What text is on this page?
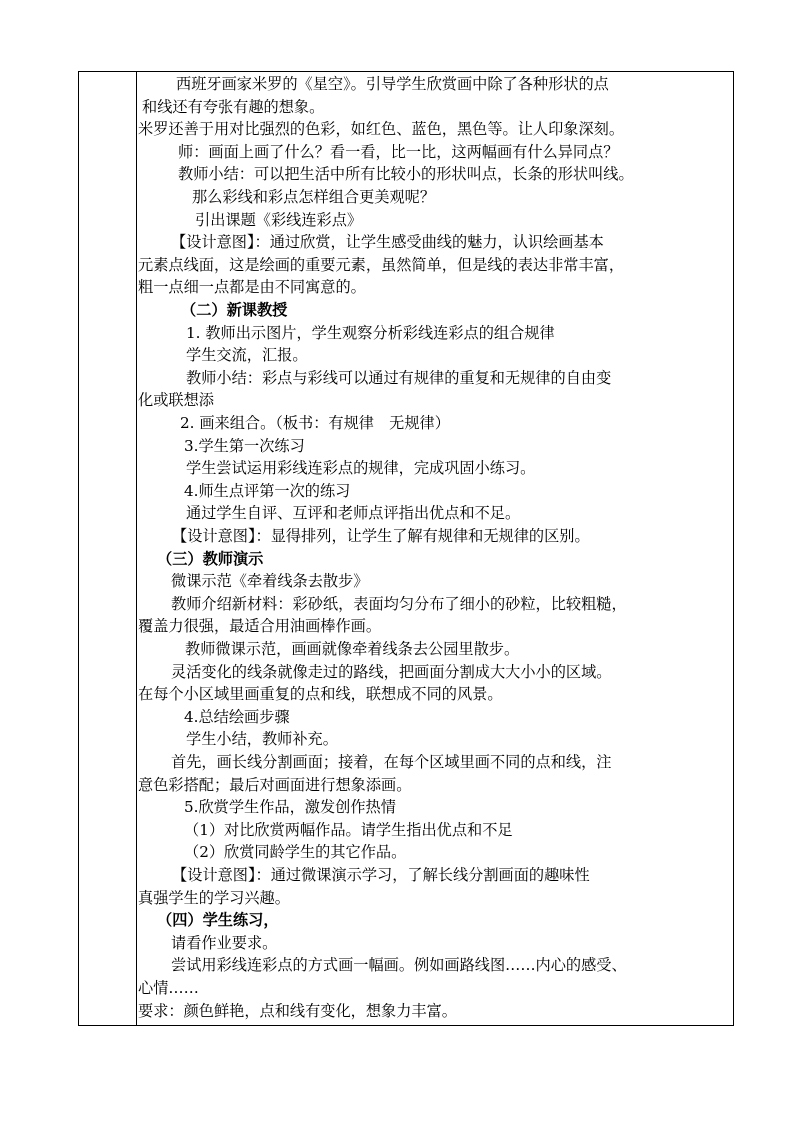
西班牙画家米罗的《星空》。引导学生欣赏画中除了各种形状的点
和线还有夸张有趣的想象。
米罗还善于用对比强烈的色彩，如红色、蓝色，黑色等。让人印象深刻。
师：画面上画了什么？看一看，比一比，这两幅画有什么异同点？
教师小结：可以把生活中所有比较小的形状叫点，长条的形状叫线。
那么彩线和彩点怎样组合更美观呢？
引出课题《彩线连彩点》
【设计意图】：通过欣赏，让学生感受曲线的魅力，认识绘画基本
元素点线面，这是绘画的重要元素，虽然简单，但是线的表达非常丰富，
粗一点细一点都是由不同寓意的。
（二）新课教授
1. 教师出示图片，学生观察分析彩线连彩点的组合规律
学生交流，汇报。
教师小结：彩点与彩线可以通过有规律的重复和无规律的自由变
化或联想添
2. 画来组合。（板书：有规律　无规律）
3.学生第一次练习
学生尝试运用彩线连彩点的规律，完成巩固小练习。
4.师生点评第一次的练习
通过学生自评、互评和老师点评指出优点和不足。
【设计意图】：显得排列，让学生了解有规律和无规律的区别。
（三）教师演示
微课示范《牵着线条去散步》
教师介绍新材料：彩砂纸，表面均匀分布了细小的砂粒，比较粗糙，
覆盖力很强，最适合用油画棒作画。
教师微课示范，画画就像牵着线条去公园里散步。
灵活变化的线条就像走过的路线，把画面分割成大大小小的区域。
在每个小区域里画重复的点和线，联想成不同的风景。
4.总结绘画步骤
学生小结，教师补充。
首先，画长线分割画面；接着，在每个区域里画不同的点和线，注
意色彩搭配；最后对画面进行想象添画。
5.欣赏学生作品，激发创作热情
（1）对比欣赏两幅作品。请学生指出优点和不足
（2）欣赏同龄学生的其它作品。
【设计意图】：通过微课演示学习，了解长线分割画面的趣味性
真强学生的学习兴趣。
（四）学生练习，
请看作业要求。
尝试用彩线连彩点的方式画一幅画。例如画路线图……内心的感受、
心情……
要求：颜色鲜艳，点和线有变化，想象力丰富。
